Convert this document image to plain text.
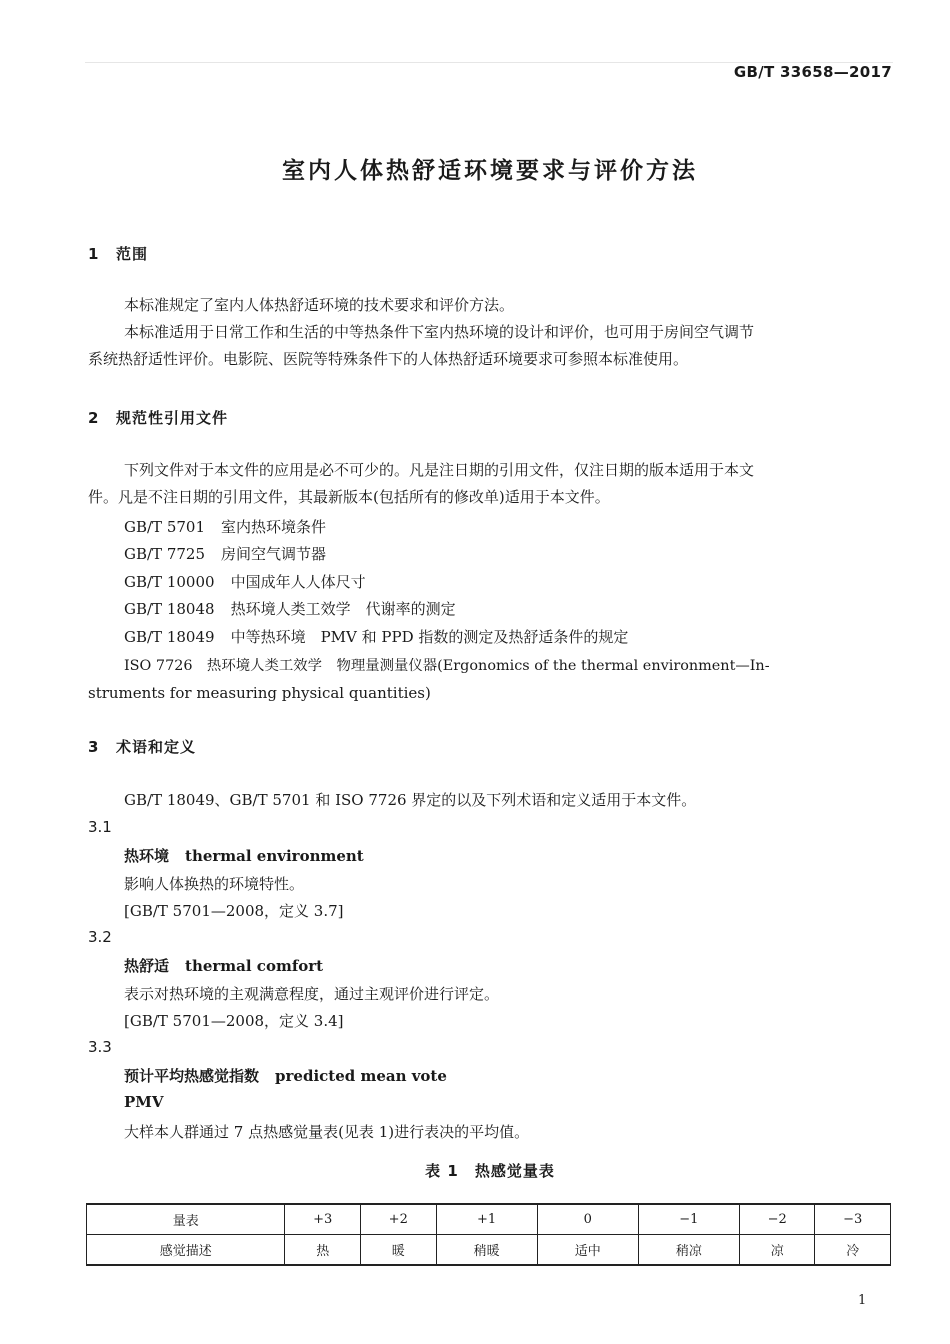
GB/T 33658—2017
室内人体热舒适环境要求与评价方法
1 范围
本标准规定了室内人体热舒适环境的技术要求和评价方法。
本标准适用于日常工作和生活的中等热条件下室内热环境的设计和评价，也可用于房间空气调节
系统热舒适性评价。电影院、医院等特殊条件下的人体热舒适环境要求可参照本标准使用。
2 规范性引用文件
下列文件对于本文件的应用是必不可少的。凡是注日期的引用文件，仅注日期的版本适用于本文
件。凡是不注日期的引用文件，其最新版本(包括所有的修改单)适用于本文件。
GB/T 5701 室内热环境条件
GB/T 7725 房间空气调节器
GB/T 10000 中国成年人人体尺寸
GB/T 18048 热环境人类工效学　代谢率的测定
GB/T 18049 中等热环境　PMV 和 PPD 指数的测定及热舒适条件的规定
ISO 7726　热环境人类工效学　物理量测量仪器(Ergonomics of the thermal environment—In-
struments for measuring physical quantities)
3 术语和定义
GB/T 18049、GB/T 5701 和 ISO 7726 界定的以及下列术语和定义适用于本文件。
3.1
热环境 thermal environment
影响人体换热的环境特性。
[GB/T 5701—2008，定义 3.7]
3.2
热舒适 thermal comfort
表示对热环境的主观满意程度，通过主观评价进行评定。
[GB/T 5701—2008，定义 3.4]
3.3
预计平均热感觉指数 predicted mean vote
PMV
大样本人群通过 7 点热感觉量表(见表 1)进行表决的平均值。
表 1　热感觉量表
量表	+3	+2	+1	0	−1	−2	−3
感觉描述	热	暖	稍暖	适中	稍凉	凉	冷
1
